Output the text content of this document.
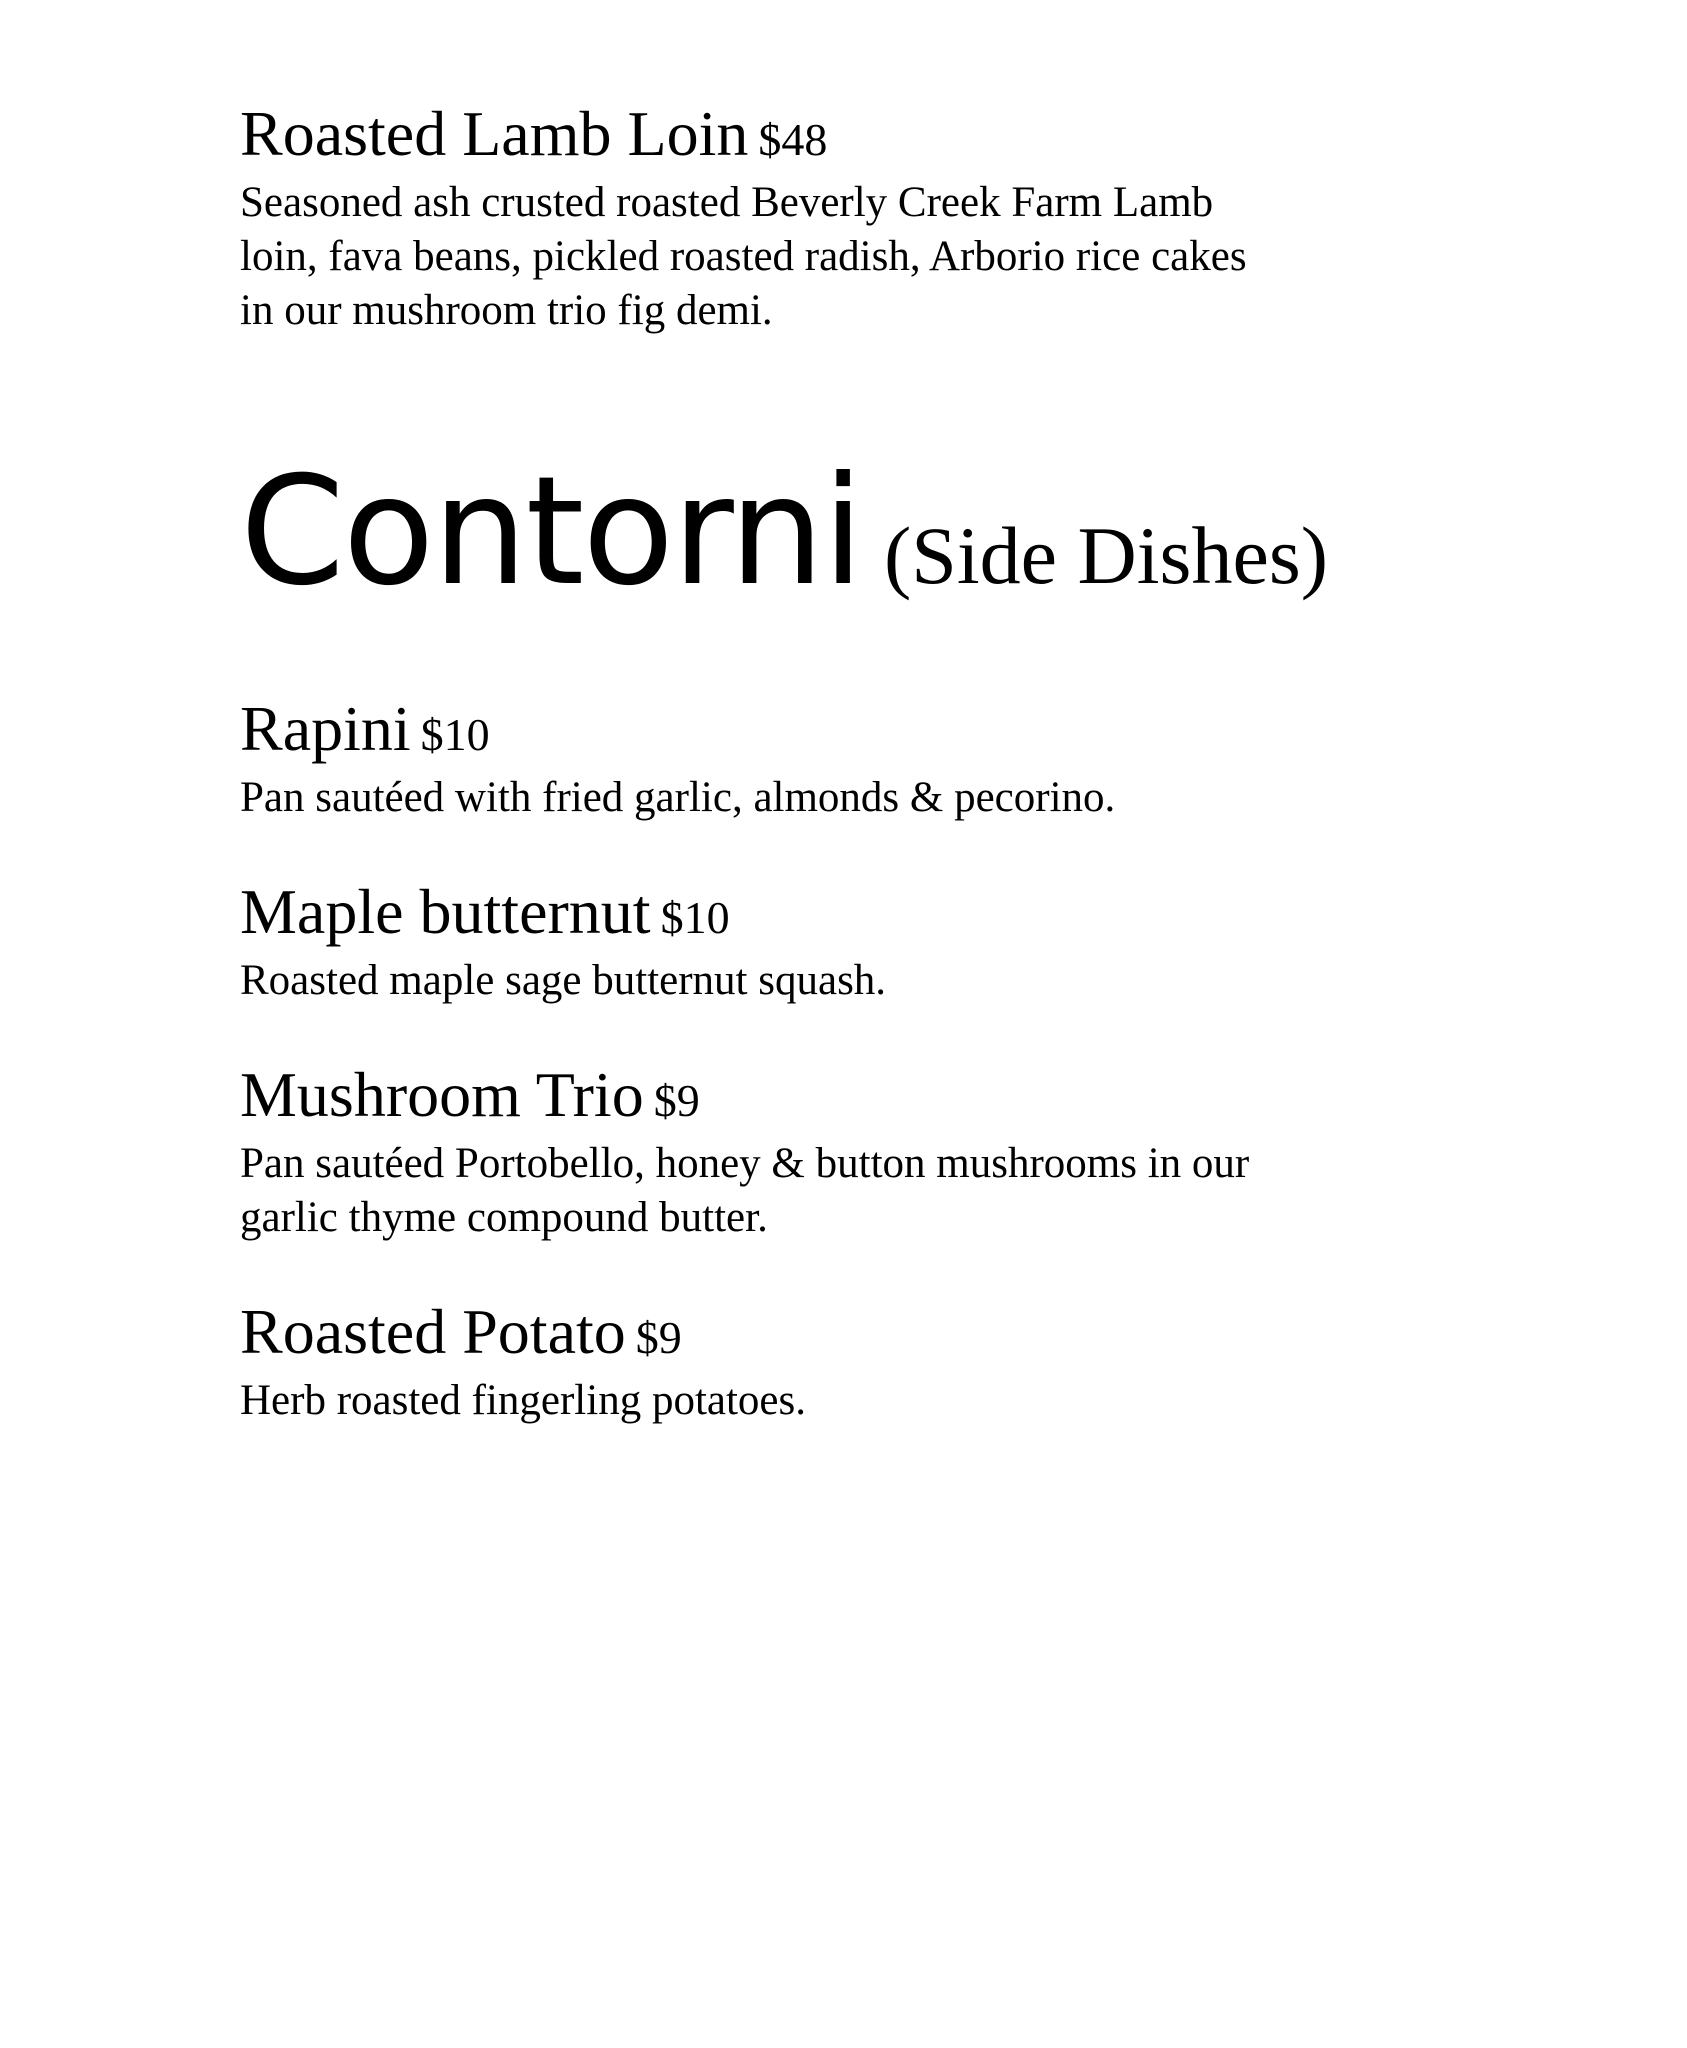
Roasted Lamb Loin $48
Seasoned ash crusted roasted Beverly Creek Farm Lamb
loin, fava beans, pickled roasted radish, Arborio rice cakes
in our mushroom trio fig demi.
Contorni (Side Dishes)
Rapini $10
Pan sautéed with fried garlic, almonds & pecorino.
Maple butternut $10
Roasted maple sage butternut squash.
Mushroom Trio $9
Pan sautéed Portobello, honey & button mushrooms in our
garlic thyme compound butter.
Roasted Potato $9
Herb roasted fingerling potatoes.
